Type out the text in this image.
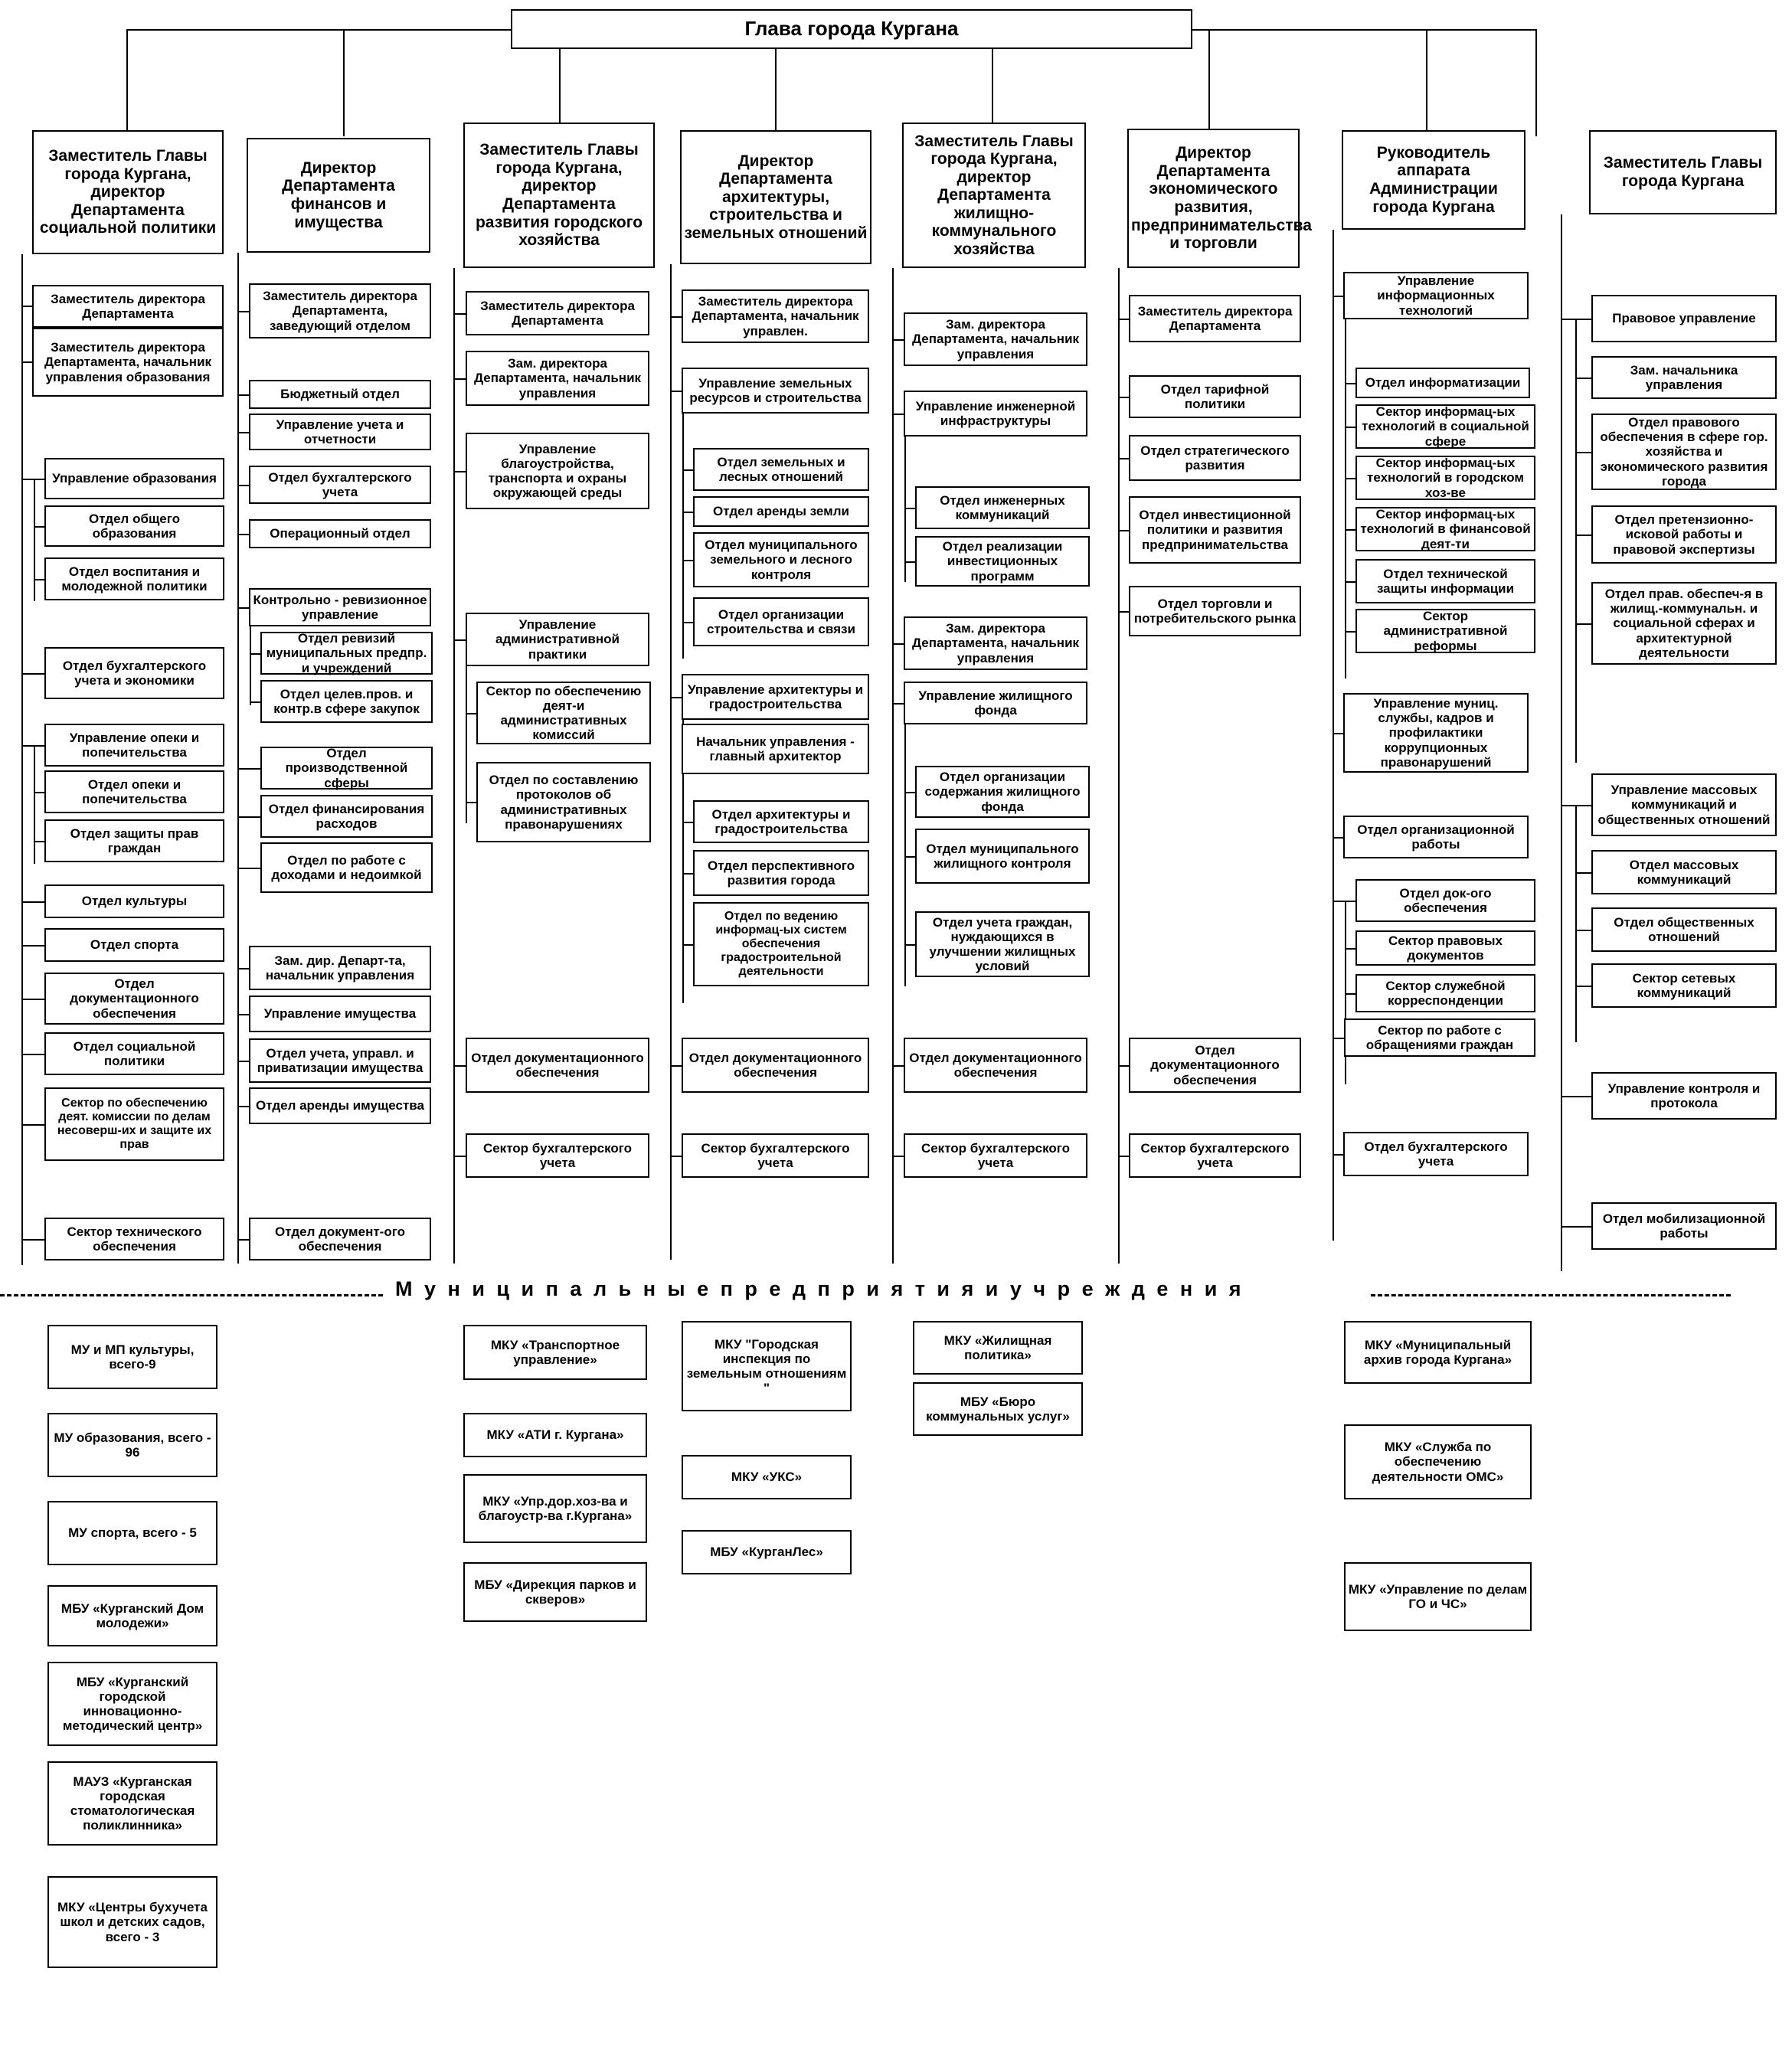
Глава города Кургана
Заместитель Главы города Кургана, директор Департамента социальной политики
Заместитель директора Департамента
Заместитель директора Департамента, начальник управления образования
Управление образования
Отдел общего образования
Отдел воспитания и молодежной политики
Отдел бухгалтерского учета и экономики
Управление опеки и попечительства
Отдел опеки и попечительства
Отдел защиты прав граждан
Отдел культуры
Отдел спорта
Отдел документационного обеспечения
Отдел социальной политики
Сектор по обеспечению деят. комиссии по делам несоверш-их и защите их прав
Сектор технического обеспечения
Директор Департамента финансов и имущества
Заместитель директора Департамента, заведующий отделом
Бюджетный отдел
Управление учета и отчетности
Отдел бухгалтерского учета
Операционный отдел
Контрольно - ревизионное управление
Отдел ревизий муниципальных предпр. и учреждений
Отдел целев.пров. и контр.в сфере закупок
Отдел производственной сферы
Отдел финансирования расходов
Отдел по работе с доходами и недоимкой
Зам. дир. Департ-та, начальник управления
Управление имущества
Отдел учета, управл. и приватизации имущества
Отдел аренды имущества
Отдел документ-ого обеспечения
Заместитель Главы города Кургана, директор Департамента развития городского хозяйства
Заместитель директора Департамента
Зам. директора Департамента, начальник управления
Управление благоустройства, транспорта и охраны окружающей среды
Управление административной практики
Сектор по обеспечению деят-и административных комиссий
Отдел по составлению протоколов об административных правонарушениях
Отдел документационного обеспечения
Сектор бухгалтерского учета
Директор Департамента архитектуры, строительства и земельных отношений
Заместитель директора Департамента, начальник управлен.
Управление земельных ресурсов и строительства
Отдел земельных и лесных отношений
Отдел аренды земли
Отдел муниципального земельного и лесного контроля
Отдел организации строительства и связи
Управление архитектуры и градостроительства
Начальник управления - главный архитектор
Отдел архитектуры и градостроительства
Отдел перспективного развития города
Отдел по ведению информац-ых систем обеспечения градостроительной деятельности
Отдел документационного обеспечения
Сектор бухгалтерского учета
Заместитель Главы города Кургана, директор Департамента жилищно-коммунального хозяйства
Зам. директора Департамента, начальник управления
Управление инженерной инфраструктуры
Отдел инженерных коммуникаций
Отдел реализации инвестиционных программ
Зам. директора Департамента, начальник управления
Управление жилищного фонда
Отдел организации содержания жилищного фонда
Отдел муниципального жилищного контроля
Отдел учета граждан, нуждающихся в улучшении жилищных условий
Отдел документационного обеспечения
Сектор бухгалтерского учета
Директор Департамента экономического развития, предпринимательства и торговли
Заместитель директора Департамента
Отдел тарифной политики
Отдел стратегического развития
Отдел инвестиционной политики и развития предпринимательства
Отдел торговли и потребительского рынка
Отдел документационного обеспечения
Сектор бухгалтерского учета
Руководитель аппарата Администрации города Кургана
Управление информационных технологий
Отдел информатизации
Сектор информац-ых технологий в социальной сфере
Сектор информац-ых технологий в городском хоз-ве
Сектор информац-ых технологий в финансовой деят-ти
Отдел технической защиты информации
Сектор административной реформы
Управление муниц. службы, кадров и профилактики коррупционных правонарушений
Отдел организационной работы
Отдел док-ого обеспечения
Сектор правовых документов
Сектор служебной корреспонденции
Сектор по работе с обращениями граждан
Отдел бухгалтерского учета
Заместитель Главы города Кургана
Правовое управление
Зам. начальника управления
Отдел правового обеспечения в сфере гор. хозяйства и экономического развития города
Отдел претензионно-исковой работы и правовой экспертизы
Отдел прав. обеспеч-я в жилищ.-коммунальн. и социальной сферах и архитектурной деятельности
Управление массовых коммуникаций и общественных отношений
Отдел массовых коммуникаций
Отдел общественных отношений
Сектор сетевых коммуникаций
Управление контроля и протокола
Отдел мобилизационной работы
М у н и ц и п а л ь н ы е п р е д п р и я т и я и у ч р е ж д е н и я
МУ и МП культуры, всего-9
МУ образования, всего - 96
МУ спорта, всего - 5
МБУ «Курганский Дом молодежи»
МБУ «Курганский городской инновационно-методический центр»
МАУЗ «Курганская городская стоматологическая поликлинника»
МКУ «Центры бухучета школ и детских садов, всего - 3
МКУ «Транспортное управление»
МКУ «АТИ г. Кургана»
МКУ «Упр.дор.хоз-ва и благоустр-ва г.Кургана»
МБУ «Дирекция парков и скверов»
МКУ "Городская инспекция по земельным отношениям "
МКУ «УКС»
МБУ «КурганЛес»
МКУ «Жилищная политика»
МБУ «Бюро коммунальных услуг»
МКУ «Муниципальный архив города Кургана»
МКУ «Служба по обеспечению деятельности ОМС»
МКУ «Управление по делам ГО и ЧС»
